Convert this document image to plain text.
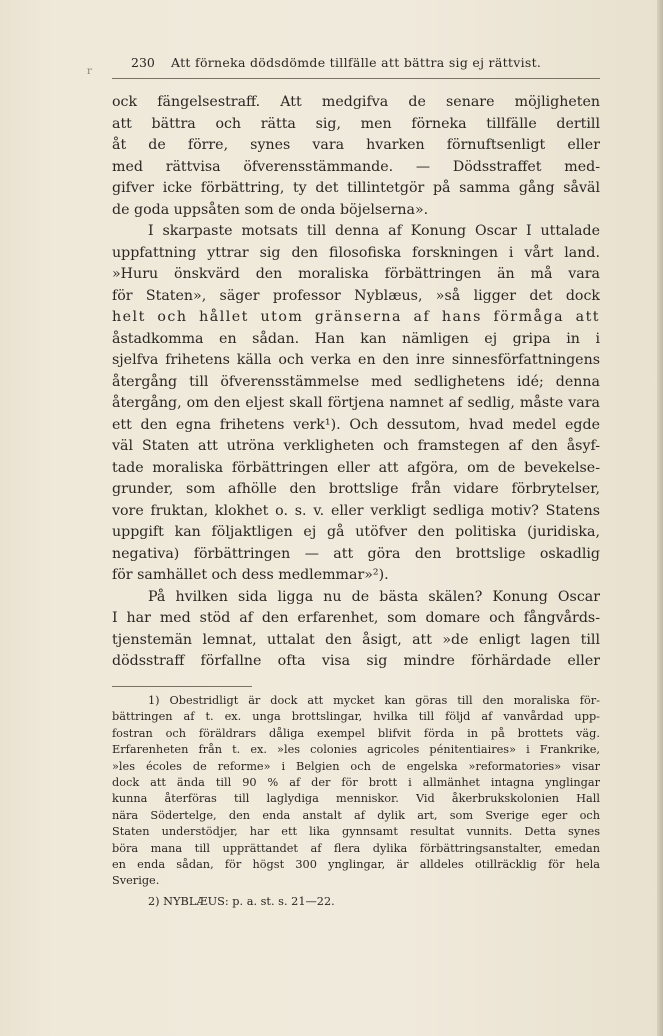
r
230 Att förneka dödsdömde tillfälle att bättra sig ej rättvist.
ock fängelsestraff. Att medgifva de senare möjligheten
att bättra och rätta sig, men förneka tillfälle dertill
åt de förre, synes vara hvarken förnuftsenligt eller
med rättvisa öfverensstämmande. — Dödsstraffet med-
gifver icke förbättring, ty det tillintetgör på samma gång såväl
de goda uppsåten som de onda böjelserna».
I skarpaste motsats till denna af Konung Oscar I uttalade
uppfattning yttrar sig den filosofiska forskningen i vårt land.
»Huru önskvärd den moraliska förbättringen än må vara
för Staten», säger professor Nyblæus, »så ligger det dock
helt och hållet utom gränserna af hans förmåga att
åstadkomma en sådan. Han kan nämligen ej gripa in i
sjelfva frihetens källa och verka en den inre sinnesförfattningens
återgång till öfverensstämmelse med sedlighetens idé; denna
återgång, om den eljest skall förtjena namnet af sedlig, måste vara
ett den egna frihetens verk¹). Och dessutom, hvad medel egde
väl Staten att utröna verkligheten och framstegen af den åsyf-
tade moraliska förbättringen eller att afgöra, om de bevekelse-
grunder, som afhölle den brottslige från vidare förbrytelser,
vore fruktan, klokhet o. s. v. eller verkligt sedliga motiv? Statens
uppgift kan följaktligen ej gå utöfver den politiska (juridiska,
negativa) förbättringen — att göra den brottslige oskadlig
för samhället och dess medlemmar»²).
På hvilken sida ligga nu de bästa skälen? Konung Oscar
I har med stöd af den erfarenhet, som domare och fångvårds-
tjenstemän lemnat, uttalat den åsigt, att »de enligt lagen till
dödsstraff förfallne ofta visa sig mindre förhärdade eller
1) Obestridligt är dock att mycket kan göras till den moraliska för-
bättringen af t. ex. unga brottslingar, hvilka till följd af vanvårdad upp-
fostran och föräldrars dåliga exempel blifvit förda in på brottets väg.
Erfarenheten från t. ex. »les colonies agricoles pénitentiaires» i Frankrike,
»les écoles de reforme» i Belgien och de engelska »reformatories» visar
dock att ända till 90 % af der för brott i allmänhet intagna ynglingar
kunna återföras till laglydiga menniskor. Vid åkerbrukskolonien Hall
nära Södertelge, den enda anstalt af dylik art, som Sverige eger och
Staten understödjer, har ett lika gynnsamt resultat vunnits. Detta synes
böra mana till upprättandet af flera dylika förbättringsanstalter, emedan
en enda sådan, för högst 300 ynglingar, är alldeles otillräcklig för hela
Sverige.
2) NYBLÆUS: p. a. st. s. 21—22.
